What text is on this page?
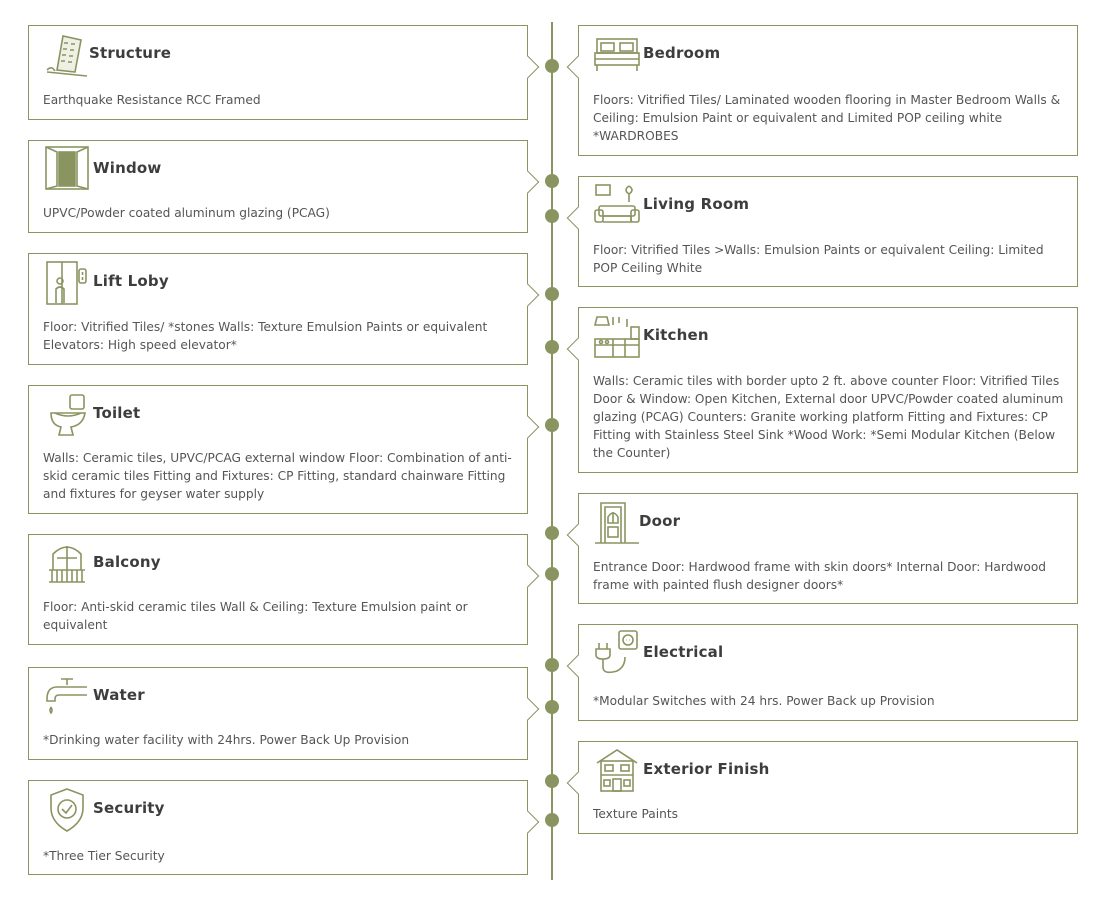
Structure

Earthquake Resistance RCC Framed

Window

UPVC/Powder coated aluminum glazing (PCAG)

Lift Loby

Floor: Vitrified Tiles/ *stones Walls: Texture Emulsion Paints or equivalent Elevators: High speed elevator*

Toilet

Walls: Ceramic tiles, UPVC/PCAG external window Floor: Combination of anti-skid ceramic tiles Fitting and Fixtures: CP Fitting, standard chainware Fitting and fixtures for geyser water supply

Balcony

Floor: Anti-skid ceramic tiles Wall & Ceiling: Texture Emulsion paint or equivalent

Water

*Drinking water facility with 24hrs. Power Back Up Provision

Security

*Three Tier Security

Bedroom

Floors: Vitrified Tiles/ Laminated wooden flooring in Master Bedroom Walls & Ceiling: Emulsion Paint or equivalent and Limited POP ceiling white *WARDROBES

Living Room

Floor: Vitrified Tiles >Walls: Emulsion Paints or equivalent Ceiling: Limited POP Ceiling White

Kitchen

Walls: Ceramic tiles with border upto 2 ft. above counter Floor: Vitrified Tiles Door & Window: Open Kitchen, External door UPVC/Powder coated aluminum glazing (PCAG) Counters: Granite working platform Fitting and Fixtures: CP Fitting with Stainless Steel Sink *Wood Work: *Semi Modular Kitchen (Below the Counter)

Door

Entrance Door: Hardwood frame with skin doors* Internal Door: Hardwood frame with painted flush designer doors*

Electrical

*Modular Switches with 24 hrs. Power Back up Provision

Exterior Finish

Texture Paints
